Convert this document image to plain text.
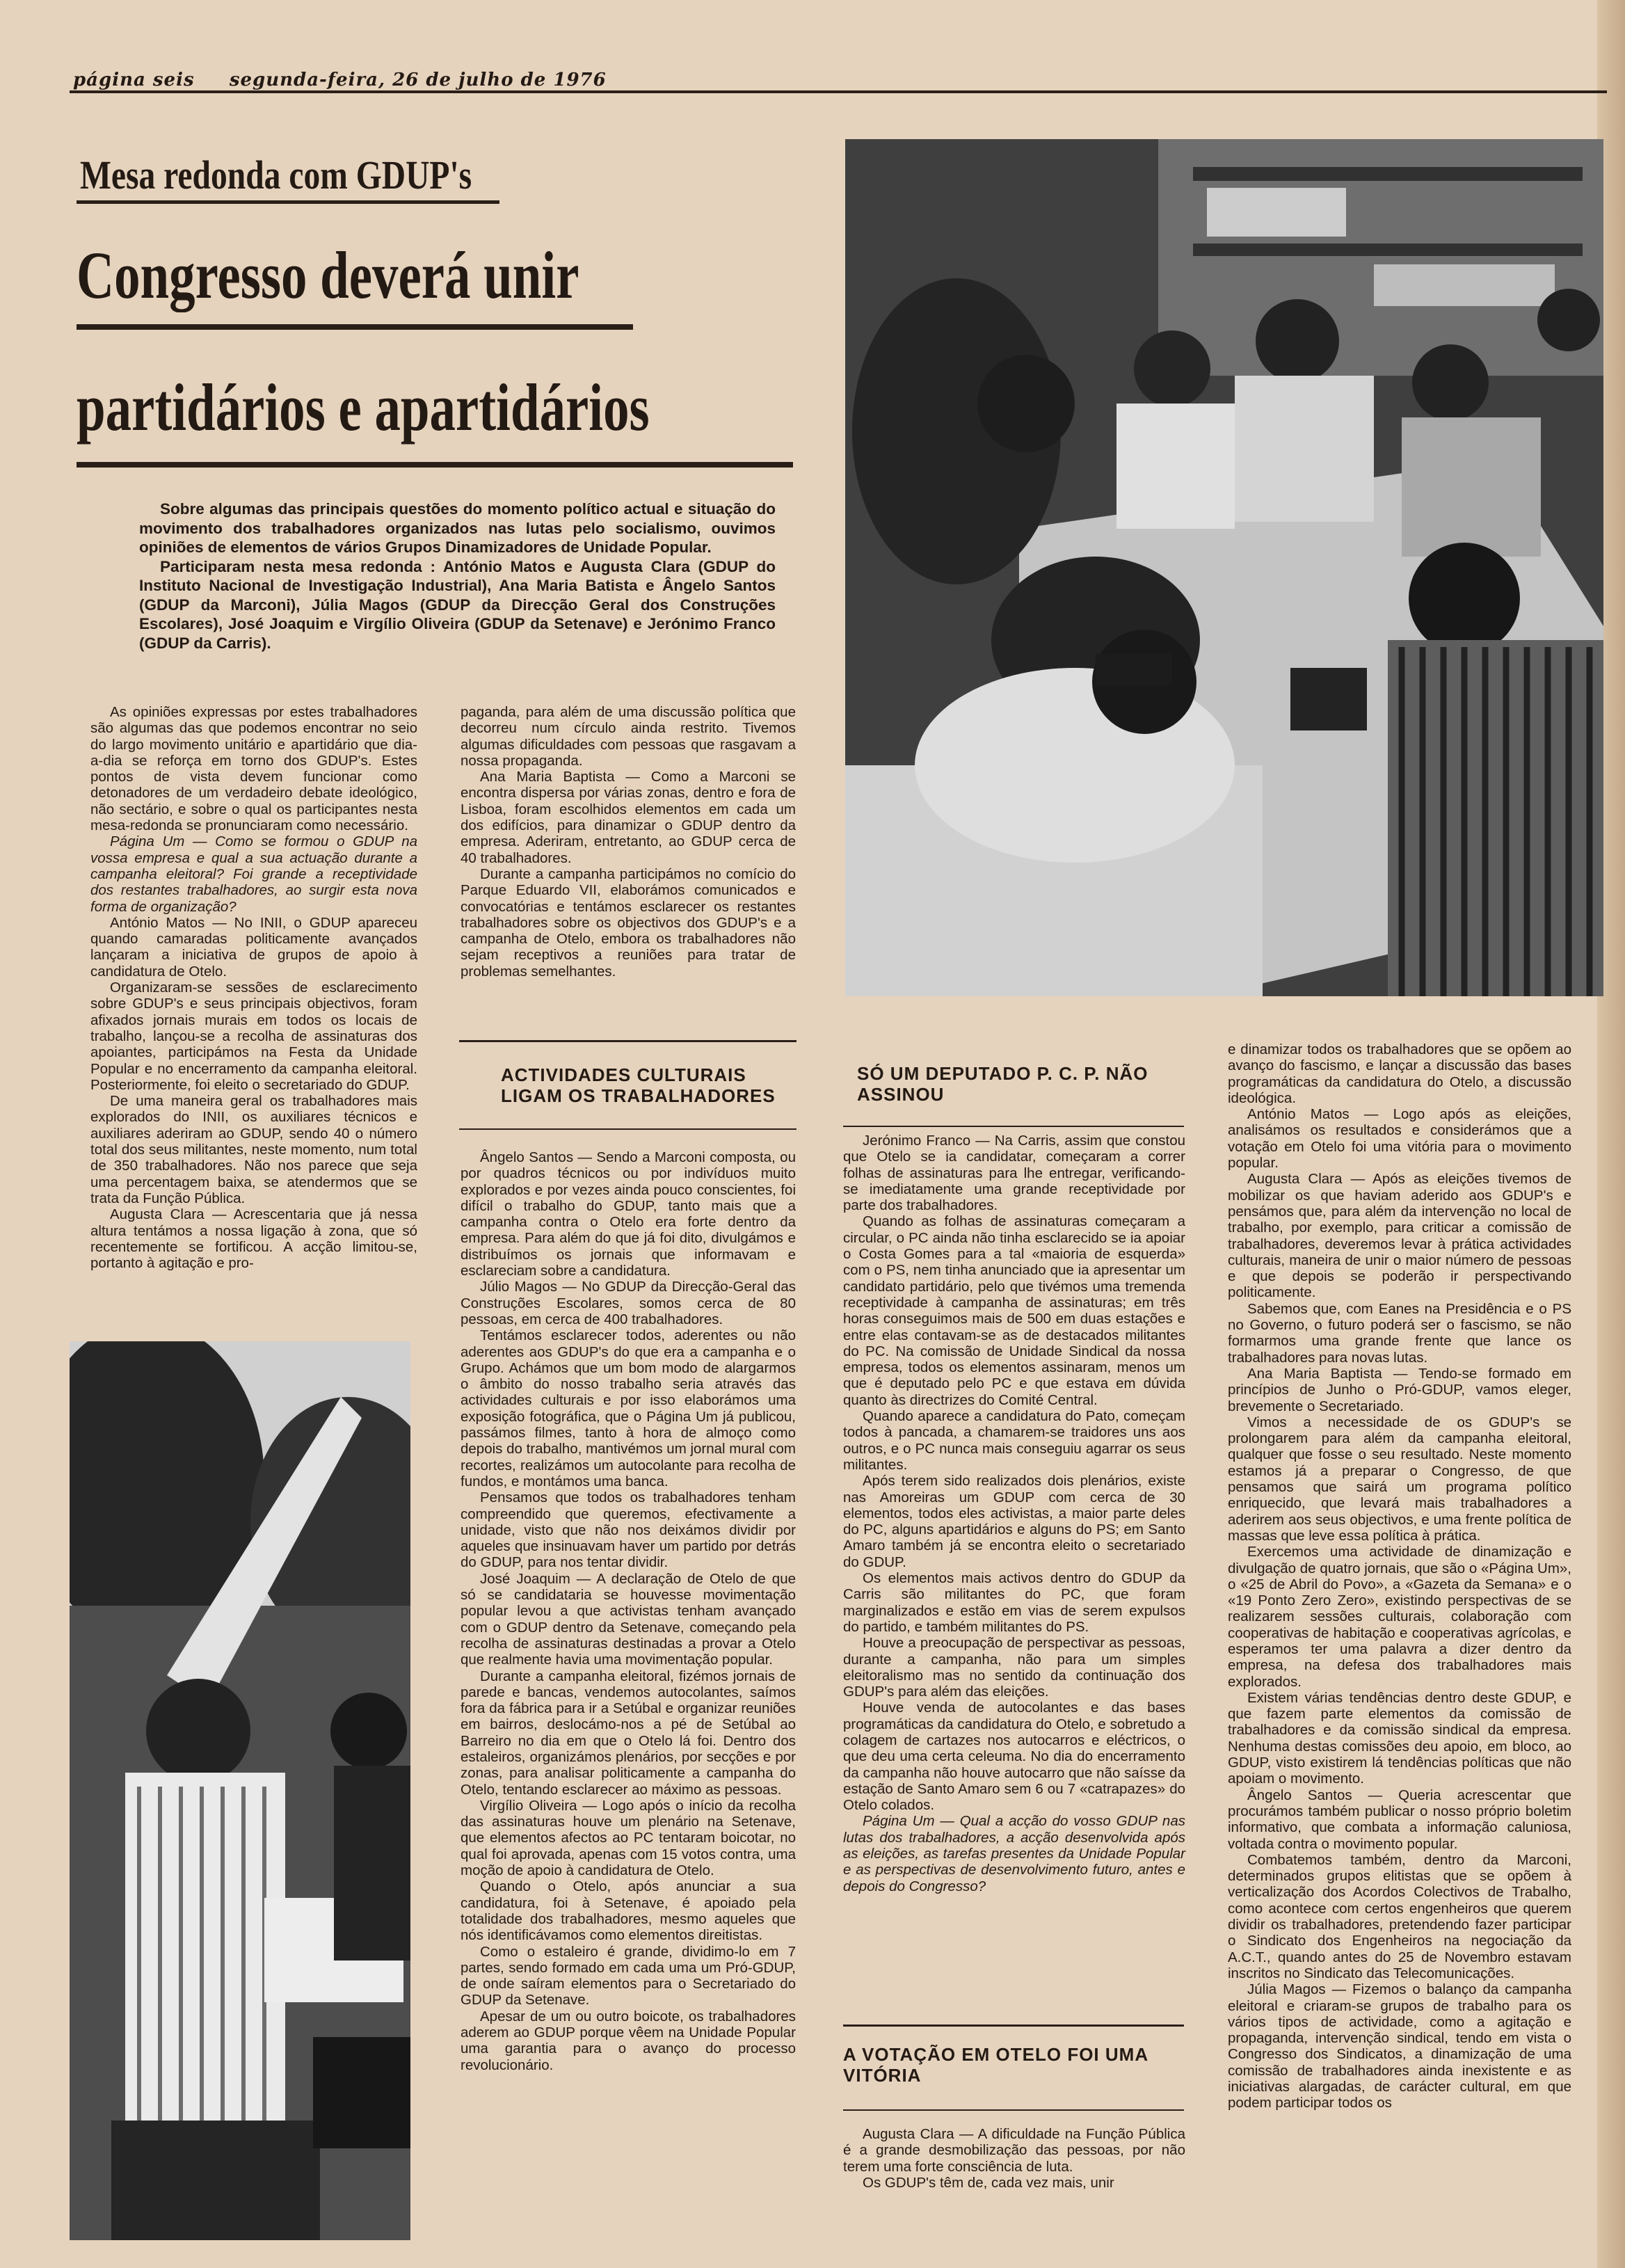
página seis segunda-feira, 26 de julho de 1976
Mesa redonda com GDUP's
Congresso deverá unir
partidários e apartidários

Sobre algumas das principais questões do momento político actual e situação do movimento dos trabalhadores organizados nas lutas pelo socialismo, ouvimos opiniões de elementos de vários Grupos Dinamizadores de Unidade Popular.

Participaram nesta mesa redonda : António Matos e Augusta Clara (GDUP do Instituto Nacional de Investigação Industrial), Ana Maria Batista e Ângelo Santos (GDUP da Marconi), Júlia Magos (GDUP da Direcção Geral dos Construções Escolares), José Joaquim e Virgílio Oliveira (GDUP da Setenave) e Jerónimo Franco (GDUP da Carris).

As opiniões expressas por estes trabalhadores são algumas das que podemos encontrar no seio do largo movimento unitário e apartidário que dia-a-dia se reforça em torno dos GDUP's. Estes pontos de vista devem funcionar como detonadores de um verdadeiro debate ideológico, não sectário, e sobre o qual os participantes nesta mesa-redonda se pronunciaram como necessário.

Página Um — Como se formou o GDUP na vossa empresa e qual a sua actuação durante a campanha eleitoral? Foi grande a receptividade dos restantes trabalhadores, ao surgir esta nova forma de organização?

António Matos — No INII, o GDUP apareceu quando camaradas politicamente avançados lançaram a iniciativa de grupos de apoio à candidatura de Otelo.

Organizaram-se sessões de esclarecimento sobre GDUP's e seus principais objectivos, foram afixados jornais murais em todos os locais de trabalho, lançou-se a recolha de assinaturas dos apoiantes, participámos na Festa da Unidade Popular e no encerramento da campanha eleitoral. Posteriormente, foi eleito o secretariado do GDUP.

De uma maneira geral os trabalhadores mais explorados do INII, os auxiliares técnicos e auxiliares aderiram ao GDUP, sendo 40 o número total dos seus militantes, neste momento, num total de 350 trabalhadores. Não nos parece que seja uma percentagem baixa, se atendermos que se trata da Função Pública.

Augusta Clara — Acrescentaria que já nessa altura tentámos a nossa ligação à zona, que só recentemente se fortificou. A acção limitou-se, portanto à agitação e pro-

paganda, para além de uma discussão política que decorreu num círculo ainda restrito. Tivemos algumas dificuldades com pessoas que rasgavam a nossa propaganda.

Ana Maria Baptista — Como a Marconi se encontra dispersa por várias zonas, dentro e fora de Lisboa, foram escolhidos elementos em cada um dos edifícios, para dinamizar o GDUP dentro da empresa. Aderiram, entretanto, ao GDUP cerca de 40 trabalhadores.

Durante a campanha participámos no comício do Parque Eduardo VII, elaborámos comunicados e convocatórias e tentámos esclarecer os restantes trabalhadores sobre os objectivos dos GDUP's e a campanha de Otelo, embora os trabalhadores não sejam receptivos a reuniões para tratar de problemas semelhantes.

ACTIVIDADES CULTURAIS LIGAM OS TRABALHADORES

Ângelo Santos — Sendo a Marconi composta, ou por quadros técnicos ou por indivíduos muito explorados e por vezes ainda pouco conscientes, foi difícil o trabalho do GDUP, tanto mais que a campanha contra o Otelo era forte dentro da empresa. Para além do que já foi dito, divulgámos e distribuímos os jornais que informavam e esclareciam sobre a candidatura.

Júlio Magos — No GDUP da Direcção-Geral das Construções Escolares, somos cerca de 80 pessoas, em cerca de 400 trabalhadores.

Tentámos esclarecer todos, aderentes ou não aderentes aos GDUP's do que era a campanha e o Grupo. Achámos que um bom modo de alargarmos o âmbito do nosso trabalho seria através das actividades culturais e por isso elaborámos uma exposição fotográfica, que o Página Um já publicou, passámos filmes, tanto à hora de almoço como depois do trabalho, mantivémos um jornal mural com recortes, realizámos um autocolante para recolha de fundos, e montámos uma banca.

Pensamos que todos os trabalhadores tenham compreendido que queremos, efectivamente a unidade, visto que não nos deixámos dividir por aqueles que insinuavam haver um partido por detrás do GDUP, para nos tentar dividir.

José Joaquim — A declaração de Otelo de que só se candidataria se houvesse movimentação popular levou a que activistas tenham avançado com o GDUP dentro da Setenave, começando pela recolha de assinaturas destinadas a provar a Otelo que realmente havia uma movimentação popular.

Durante a campanha eleitoral, fizémos jornais de parede e bancas, vendemos autocolantes, saímos fora da fábrica para ir a Setúbal e organizar reuniões em bairros, deslocámo-nos a pé de Setúbal ao Barreiro no dia em que o Otelo lá foi. Dentro dos estaleiros, organizámos plenários, por secções e por zonas, para analisar politicamente a campanha do Otelo, tentando esclarecer ao máximo as pessoas.

Virgílio Oliveira — Logo após o início da recolha das assinaturas houve um plenário na Setenave, que elementos afectos ao PC tentaram boicotar, no qual foi aprovada, apenas com 15 votos contra, uma moção de apoio à candidatura de Otelo.

Quando o Otelo, após anunciar a sua candidatura, foi à Setenave, é apoiado pela totalidade dos trabalhadores, mesmo aqueles que nós identificávamos como elementos direitistas.

Como o estaleiro é grande, dividimo-lo em 7 partes, sendo formado em cada uma um Pró-GDUP, de onde saíram elementos para o Secretariado do GDUP da Setenave.

Apesar de um ou outro boicote, os trabalhadores aderem ao GDUP porque vêem na Unidade Popular uma garantia para o avanço do processo revolucionário.

SÓ UM DEPUTADO P. C. P. NÃO ASSINOU

Jerónimo Franco — Na Carris, assim que constou que Otelo se ia candidatar, começaram a correr folhas de assinaturas para lhe entregar, verificando-se imediatamente uma grande receptividade por parte dos trabalhadores.

Quando as folhas de assinaturas começaram a circular, o PC ainda não tinha esclarecido se ia apoiar o Costa Gomes para a tal «maioria de esquerda» com o PS, nem tinha anunciado que ia apresentar um candidato partidário, pelo que tivémos uma tremenda receptividade à campanha de assinaturas; em três horas conseguimos mais de 500 em duas estações e entre elas contavam-se as de destacados militantes do PC. Na comissão de Unidade Sindical da nossa empresa, todos os elementos assinaram, menos um que é deputado pelo PC e que estava em dúvida quanto às directrizes do Comité Central.

Quando aparece a candidatura do Pato, começam todos à pancada, a chamarem-se traidores uns aos outros, e o PC nunca mais conseguiu agarrar os seus militantes.

Após terem sido realizados dois plenários, existe nas Amoreiras um GDUP com cerca de 30 elementos, todos eles activistas, a maior parte deles do PC, alguns apartidários e alguns do PS; em Santo Amaro também já se encontra eleito o secretariado do GDUP.

Os elementos mais activos dentro do GDUP da Carris são militantes do PC, que foram marginalizados e estão em vias de serem expulsos do partido, e também militantes do PS.

Houve a preocupação de perspectivar as pessoas, durante a campanha, não para um simples eleitoralismo mas no sentido da continuação dos GDUP's para além das eleições.

Houve venda de autocolantes e das bases programáticas da candidatura do Otelo, e sobretudo a colagem de cartazes nos autocarros e eléctricos, o que deu uma certa celeuma. No dia do encerramento da campanha não houve autocarro que não saísse da estação de Santo Amaro sem 6 ou 7 «catrapazes» do Otelo colados.

Página Um — Qual a acção do vosso GDUP nas lutas dos trabalhadores, a acção desenvolvida após as eleições, as tarefas presentes da Unidade Popular e as perspectivas de desenvolvimento futuro, antes e depois do Congresso?

A VOTAÇÃO EM OTELO FOI UMA VITÓRIA

Augusta Clara — A dificuldade na Função Pública é a grande desmobilização das pessoas, por não terem uma forte consciência de luta.

Os GDUP's têm de, cada vez mais, unir

e dinamizar todos os trabalhadores que se opõem ao avanço do fascismo, e lançar a discussão das bases programáticas da candidatura do Otelo, a discussão ideológica.

António Matos — Logo após as eleições, analisámos os resultados e considerámos que a votação em Otelo foi uma vitória para o movimento popular.

Augusta Clara — Após as eleições tivemos de mobilizar os que haviam aderido aos GDUP's e pensámos que, para além da intervenção no local de trabalho, por exemplo, para criticar a comissão de trabalhadores, deveremos levar à prática actividades culturais, maneira de unir o maior número de pessoas e que depois se poderão ir perspectivando politicamente.

Sabemos que, com Eanes na Presidência e o PS no Governo, o futuro poderá ser o fascismo, se não formarmos uma grande frente que lance os trabalhadores para novas lutas.

Ana Maria Baptista — Tendo-se formado em princípios de Junho o Pró-GDUP, vamos eleger, brevemente o Secretariado.

Vimos a necessidade de os GDUP's se prolongarem para além da campanha eleitoral, qualquer que fosse o seu resultado. Neste momento estamos já a preparar o Congresso, de que pensamos que sairá um programa político enriquecido, que levará mais trabalhadores a aderirem aos seus objectivos, e uma frente política de massas que leve essa política à prática.

Exercemos uma actividade de dinamização e divulgação de quatro jornais, que são o «Página Um», o «25 de Abril do Povo», a «Gazeta da Semana» e o «19 Ponto Zero Zero», existindo perspectivas de se realizarem sessões culturais, colaboração com cooperativas de habitação e cooperativas agrícolas, e esperamos ter uma palavra a dizer dentro da empresa, na defesa dos trabalhadores mais explorados.

Existem várias tendências dentro deste GDUP, e que fazem parte elementos da comissão de trabalhadores e da comissão sindical da empresa. Nenhuma destas comissões deu apoio, em bloco, ao GDUP, visto existirem lá tendências políticas que não apoiam o movimento.

Ângelo Santos — Queria acrescentar que procurámos também publicar o nosso próprio boletim informativo, que combata a informação caluniosa, voltada contra o movimento popular.

Combatemos também, dentro da Marconi, determinados grupos elitistas que se opõem à verticalização dos Acordos Colectivos de Trabalho, como acontece com certos engenheiros que querem dividir os trabalhadores, pretendendo fazer participar o Sindicato dos Engenheiros na negociação da A.C.T., quando antes do 25 de Novembro estavam inscritos no Sindicato das Telecomunicações.

Júlia Magos — Fizemos o balanço da campanha eleitoral e criaram-se grupos de trabalho para os vários tipos de actividade, como a agitação e propaganda, intervenção sindical, tendo em vista o Congresso dos Sindicatos, a dinamização de uma comissão de trabalhadores ainda inexistente e as iniciativas alargadas, de carácter cultural, em que podem participar todos os
